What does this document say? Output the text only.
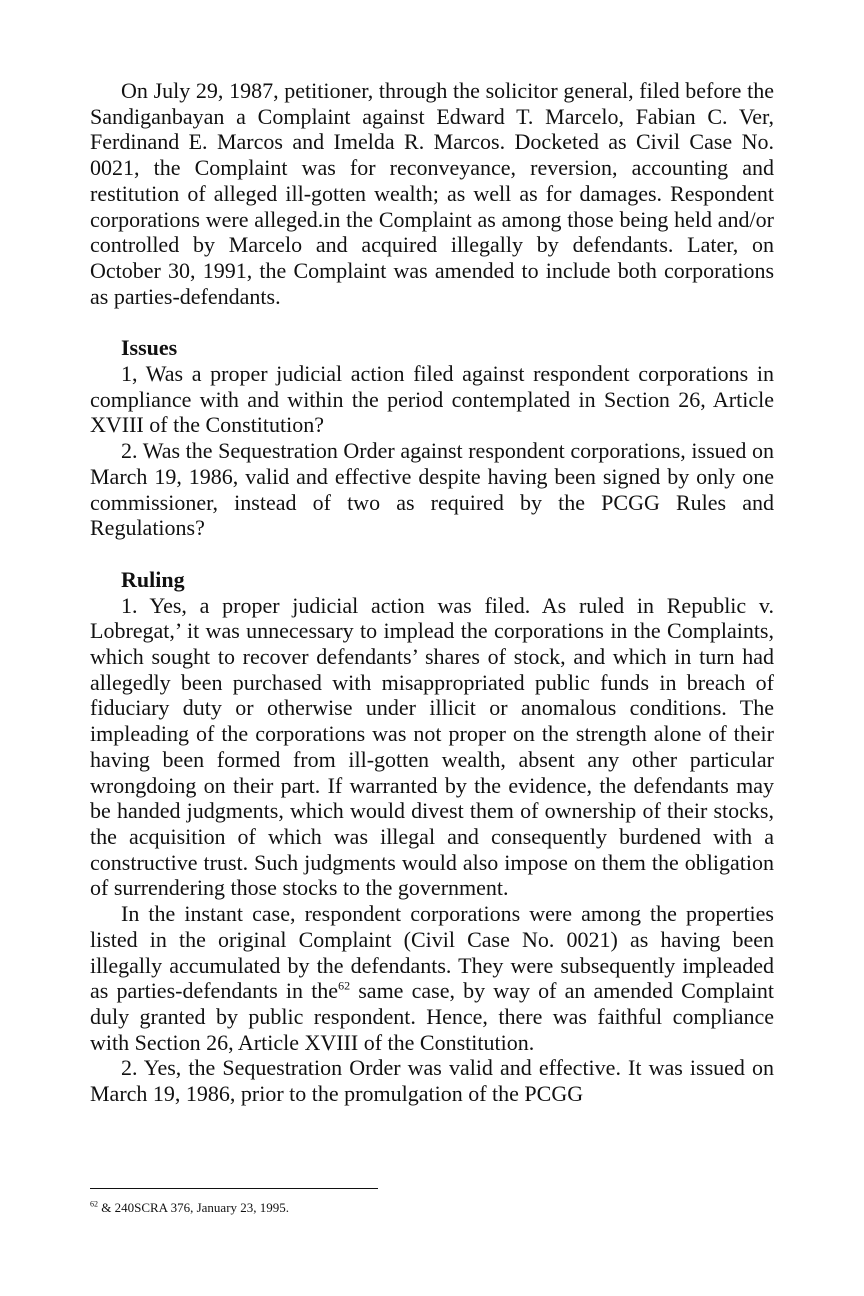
On July 29, 1987, petitioner, through the solicitor general, filed before the Sandiganbayan a Complaint against Edward T. Marcelo, Fabian C. Ver, Ferdinand E. Marcos and Imelda R. Marcos. Docketed as Civil Case No. 0021, the Complaint was for reconveyance, reversion, accounting and restitution of alleged ill-gotten wealth; as well as for damages. Respondent corporations were alleged.in the Complaint as among those being held and/or controlled by Marcelo and acquired illegally by defendants. Later, on October 30, 1991, the Complaint was amended to include both corporations as parties-defendants.

Issues

1, Was a proper judicial action filed against respondent corporations in compliance with and within the period contemplated in Section 26, Article XVIII of the Constitution?

2. Was the Sequestration Order against respondent corporations, issued on March 19, 1986, valid and effective despite having been signed by only one commissioner, instead of two as required by the PCGG Rules and Regulations?

Ruling

1. Yes, a proper judicial action was filed. As ruled in Republic v. Lobregat,’ it was unnecessary to implead the corporations in the Complaints, which sought to recover defendants’ shares of stock, and which in turn had allegedly been purchased with misappropriated public funds in breach of fiduciary duty or otherwise under illicit or anomalous conditions. The impleading of the corporations was not proper on the strength alone of their having been formed from ill-gotten wealth, absent any other particular wrongdoing on their part. If warranted by the evidence, the defendants may be handed judgments, which would divest them of ownership of their stocks, the acquisition of which was illegal and consequently burdened with a constructive trust. Such judgments would also impose on them the obligation of surrendering those stocks to the government.

In the instant case, respondent corporations were among the properties listed in the original Complaint (Civil Case No. 0021) as having been illegally accumulated by the defendants. They were subsequently impleaded as parties-defendants in the$^{62}$ same case, by way of an amended Complaint duly granted by public respondent. Hence, there was faithful compliance with Section 26, Article XVIII of the Constitution.

2. Yes, the Sequestration Order was valid and effective. It was issued on March 19, 1986, prior to the promulgation of the PCGG

$^{62}$ & 240SCRA 376, January 23, 1995.
